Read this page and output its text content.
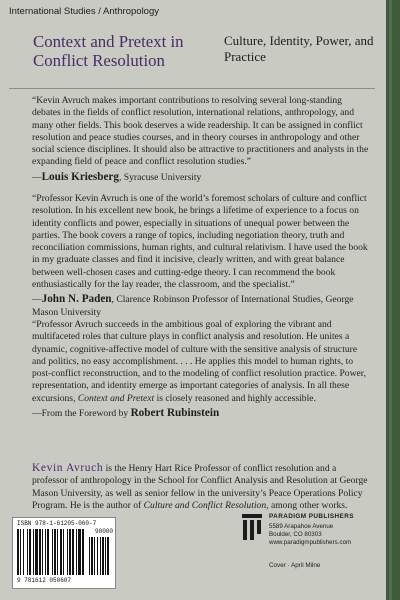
International Studies / Anthropology
Context and Pretext in Conflict Resolution
Culture, Identity, Power, and Practice

“Kevin Avruch makes important contributions to resolving several long-standing debates in the fields of conflict resolution, international relations, anthropology, and many other fields. This book deserves a wide readership. It can be assigned in conflict resolution and peace studies courses, and in theory courses in anthropology and other social science disciplines. It should also be attractive to practitioners and analysts in the expanding field of peace and conflict resolution studies.”

—Louis Kriesberg, Syracuse University

“Professor Kevin Avruch is one of the world’s foremost scholars of culture and conflict resolution. In his excellent new book, he brings a lifetime of experience to a focus on identity conflicts and power, especially in situations of unequal power between the parties. The book covers a range of topics, including negotiation theory, truth and reconciliation commissions, human rights, and cultural relativism. I have used the book in my graduate classes and find it incisive, clearly written, and with great balance between well-chosen cases and cutting-edge theory. I can recommend the book enthusiastically for the lay reader, the classroom, and the specialist.”

—John N. Paden, Clarence Robinson Professor of International Studies, George Mason University

“Professor Avruch succeeds in the ambitious goal of exploring the vibrant and multifaceted roles that culture plays in conflict analysis and resolution. He unites a dynamic, cognitive-affective model of culture with the sensitive analysis of structure and politics, no easy accomplishment. . . . He applies this model to human rights, to post-conflict reconstruction, and to the modeling of conflict resolution practice. Power, representation, and identity emerge as important categories of analysis. In all these excursions, Context and Pretext is closely reasoned and highly accessible.

—From the Foreword by Robert Rubinstein
Kevin Avruch is the Henry Hart Rice Professor of conflict resolution and a professor of anthropology in the School for Conflict Analysis and Resolution at George Mason University, as well as senior fellow in the university’s Peace Operations Policy Program. He is the author of Culture and Conflict Resolution, among other works.
ISBN 978-1-61205-060-7
90000
9 781612 050607
PARADIGM PUBLISHERS
5589 Arapahoe Avenue
Boulder, CO 80303
www.paradigmpublishers.com
Cover · April Milne
